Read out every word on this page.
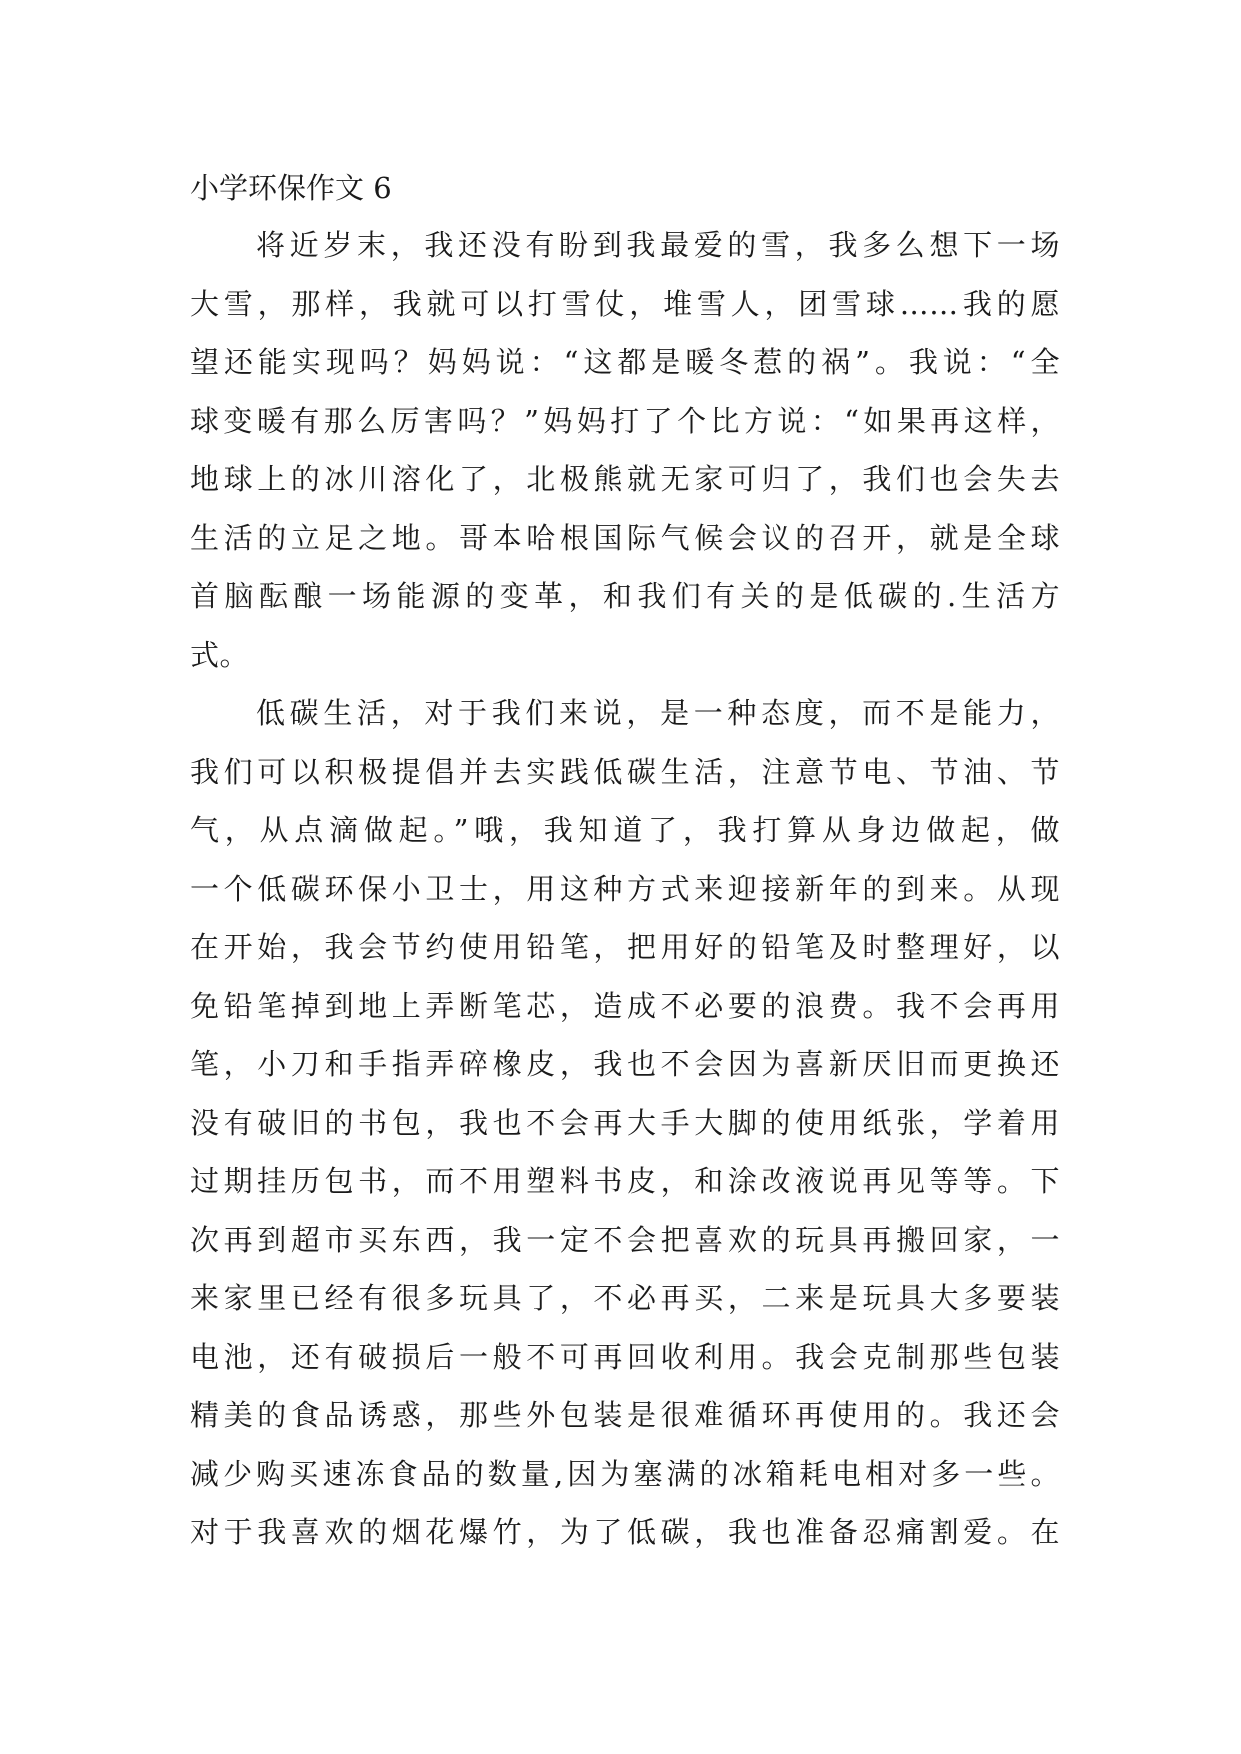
小学环保作文 6
将近岁末，我还没有盼到我最爱的雪，我多么想下一场
大雪，那样，我就可以打雪仗，堆雪人，团雪球……我的愿
望还能实现吗？妈妈说：“这都是暖冬惹的祸”。我说：“全
球变暖有那么厉害吗？”妈妈打了个比方说：“如果再这样，
地球上的冰川溶化了，北极熊就无家可归了，我们也会失去
生活的立足之地。哥本哈根国际气候会议的召开，就是全球
首脑酝酿一场能源的变革，和我们有关的是低碳的.生活方
式。
低碳生活，对于我们来说，是一种态度，而不是能力，
我们可以积极提倡并去实践低碳生活，注意节电、节油、节
气，从点滴做起。”哦，我知道了，我打算从身边做起，做
一个低碳环保小卫士，用这种方式来迎接新年的到来。从现
在开始，我会节约使用铅笔，把用好的铅笔及时整理好，以
免铅笔掉到地上弄断笔芯，造成不必要的浪费。我不会再用
笔，小刀和手指弄碎橡皮，我也不会因为喜新厌旧而更换还
没有破旧的书包，我也不会再大手大脚的使用纸张，学着用
过期挂历包书，而不用塑料书皮，和涂改液说再见等等。下
次再到超市买东西，我一定不会把喜欢的玩具再搬回家，一
来家里已经有很多玩具了，不必再买，二来是玩具大多要装
电池，还有破损后一般不可再回收利用。我会克制那些包装
精美的食品诱惑，那些外包装是很难循环再使用的。我还会
减少购买速冻食品的数量,因为塞满的冰箱耗电相对多一些。
对于我喜欢的烟花爆竹，为了低碳，我也准备忍痛割爱。在
